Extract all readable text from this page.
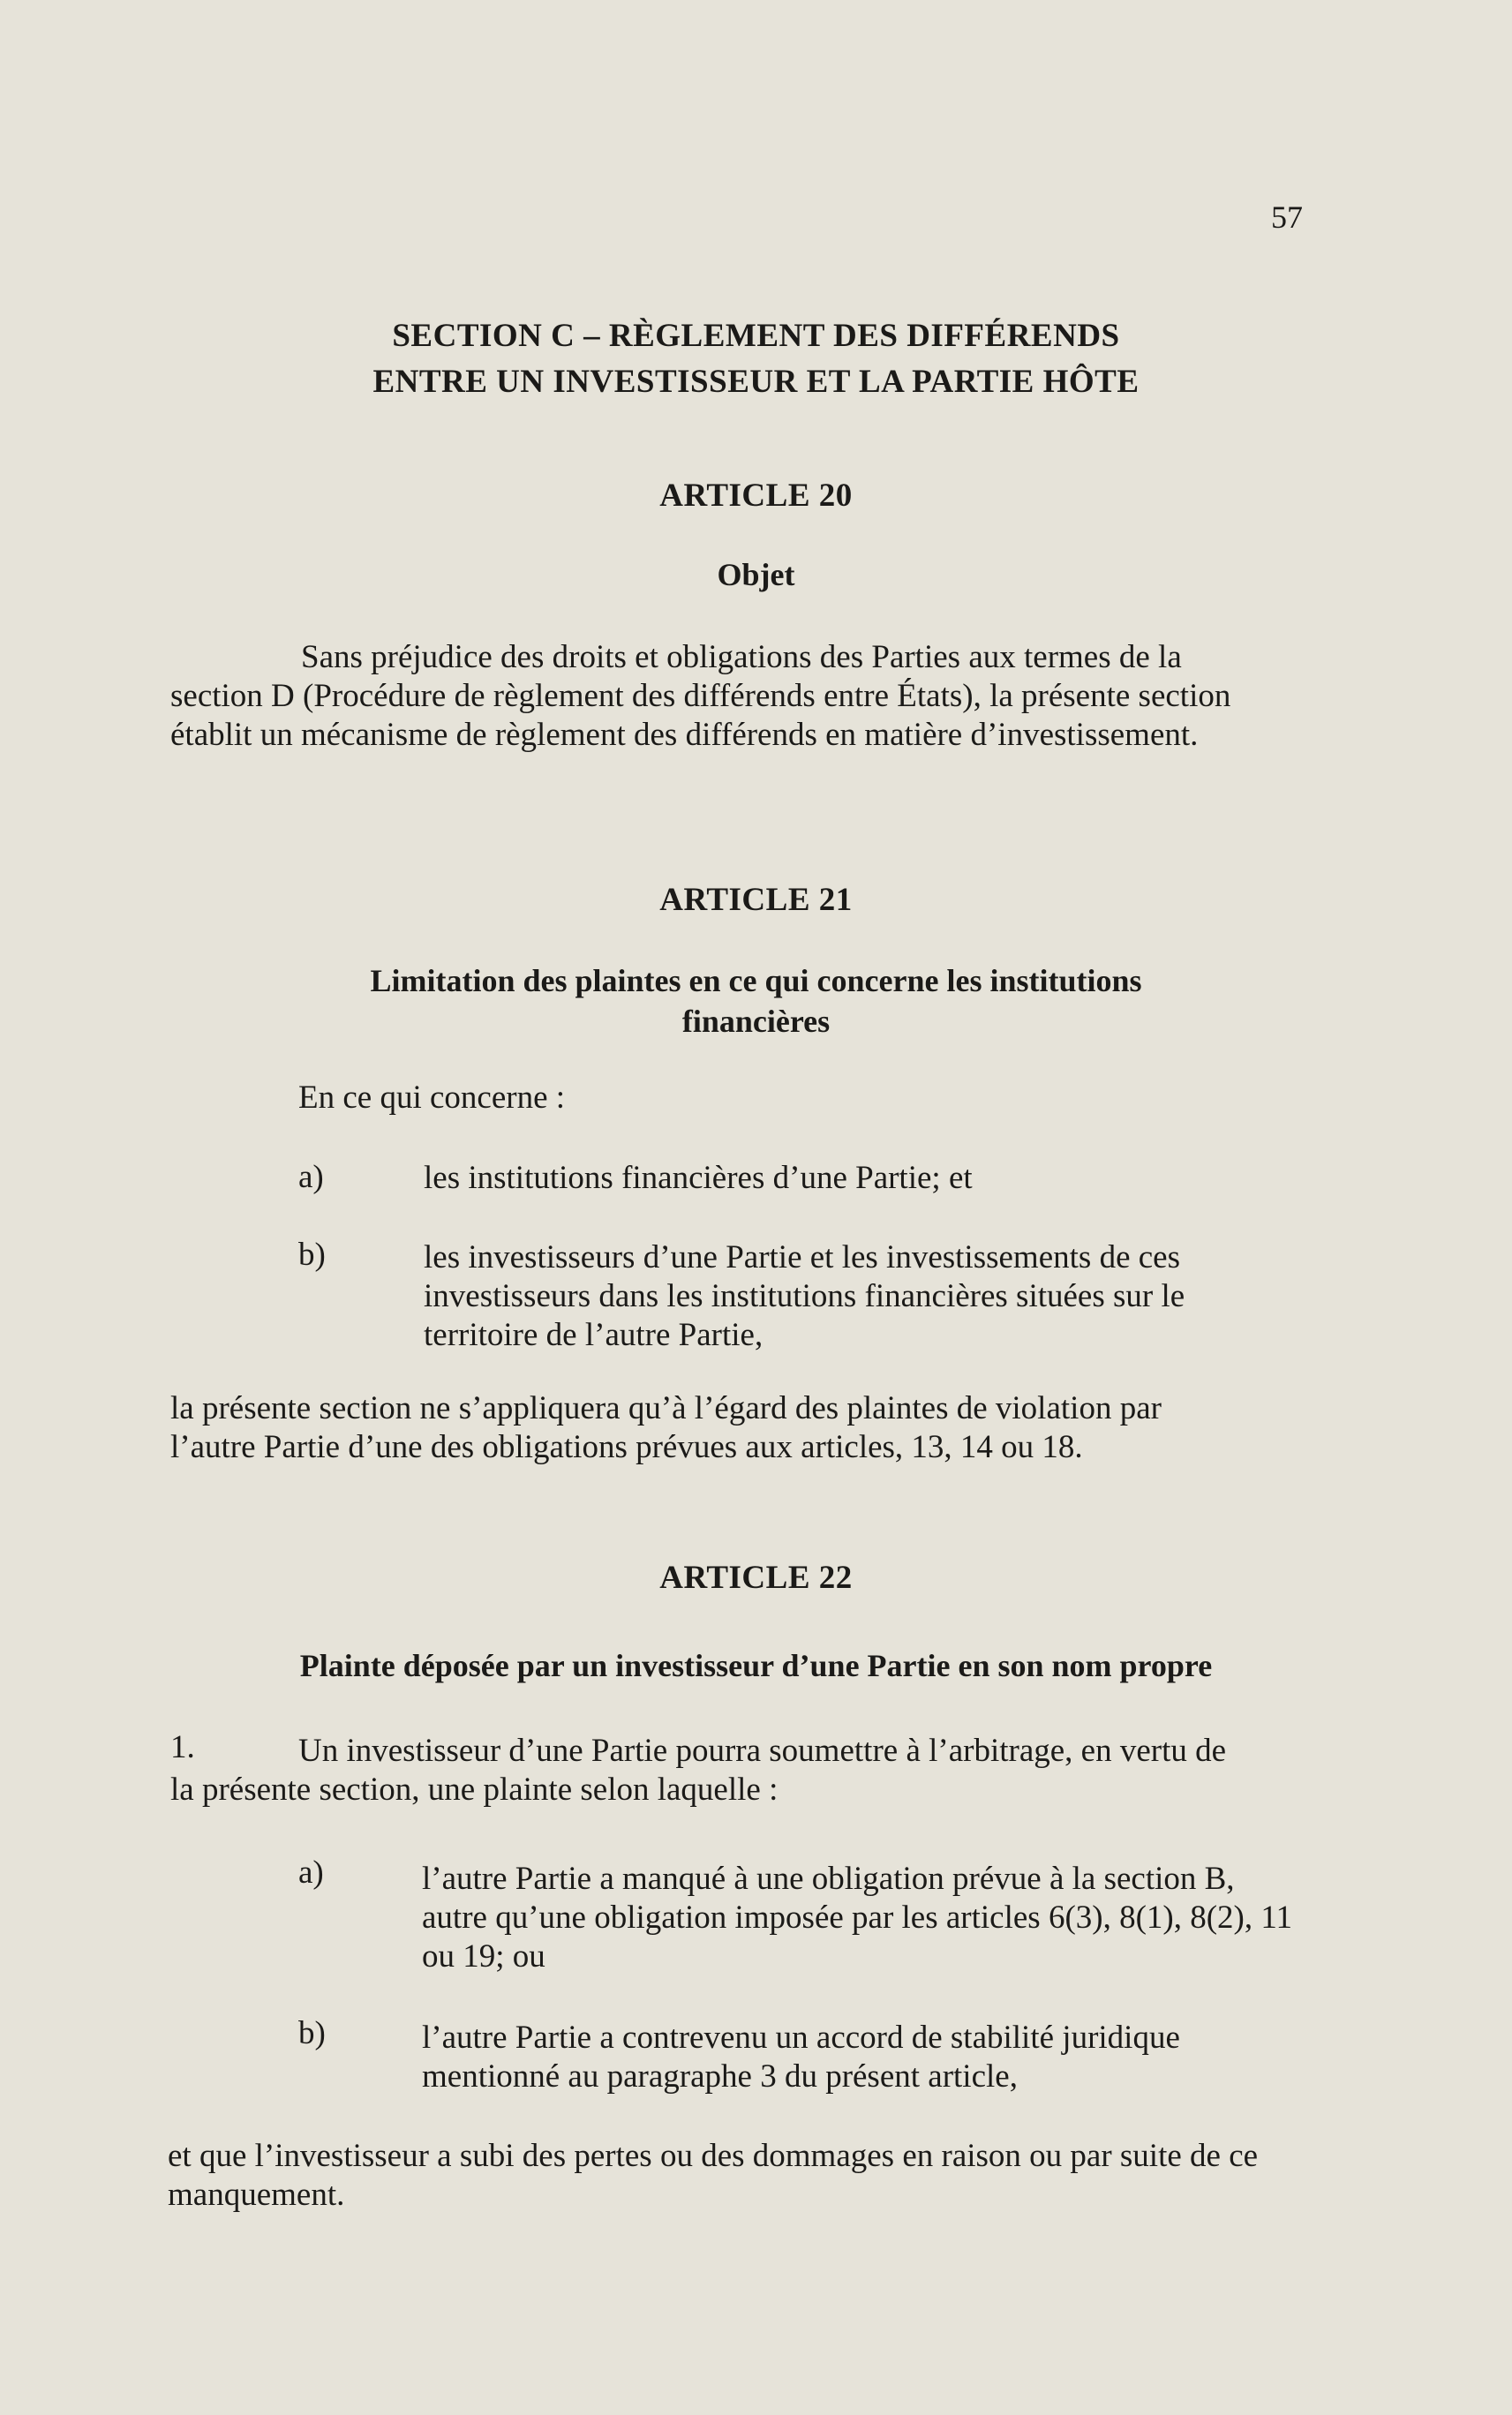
57
SECTION C – RÈGLEMENT DES DIFFÉRENDS
ENTRE UN INVESTISSEUR ET LA PARTIE HÔTE
ARTICLE 20
Objet
Sans préjudice des droits et obligations des Parties aux termes de la section D (Procédure de règlement des différends entre États), la présente section établit un mécanisme de règlement des différends en matière d’investissement.
ARTICLE 21
Limitation des plaintes en ce qui concerne les institutions
financières
En ce qui concerne :
a)	les institutions financières d’une Partie; et
b)	les investisseurs d’une Partie et les investissements de ces investisseurs dans les institutions financières situées sur le territoire de l’autre Partie,
la présente section ne s’appliquera qu’à l’égard des plaintes de violation par l’autre Partie d’une des obligations prévues aux articles, 13, 14 ou 18.
ARTICLE 22
Plainte déposée par un investisseur d’une Partie en son nom propre
1.	Un investisseur d’une Partie pourra soumettre à l’arbitrage, en vertu de
la présente section, une plainte selon laquelle :
a)	l’autre Partie a manqué à une obligation prévue à la section B, autre qu’une obligation imposée par les articles 6(3), 8(1), 8(2), 11 ou 19; ou
b)	l’autre Partie a contrevenu un accord de stabilité juridique mentionné au paragraphe 3 du présent article,
et que l’investisseur a subi des pertes ou des dommages en raison ou par suite de ce manquement.
